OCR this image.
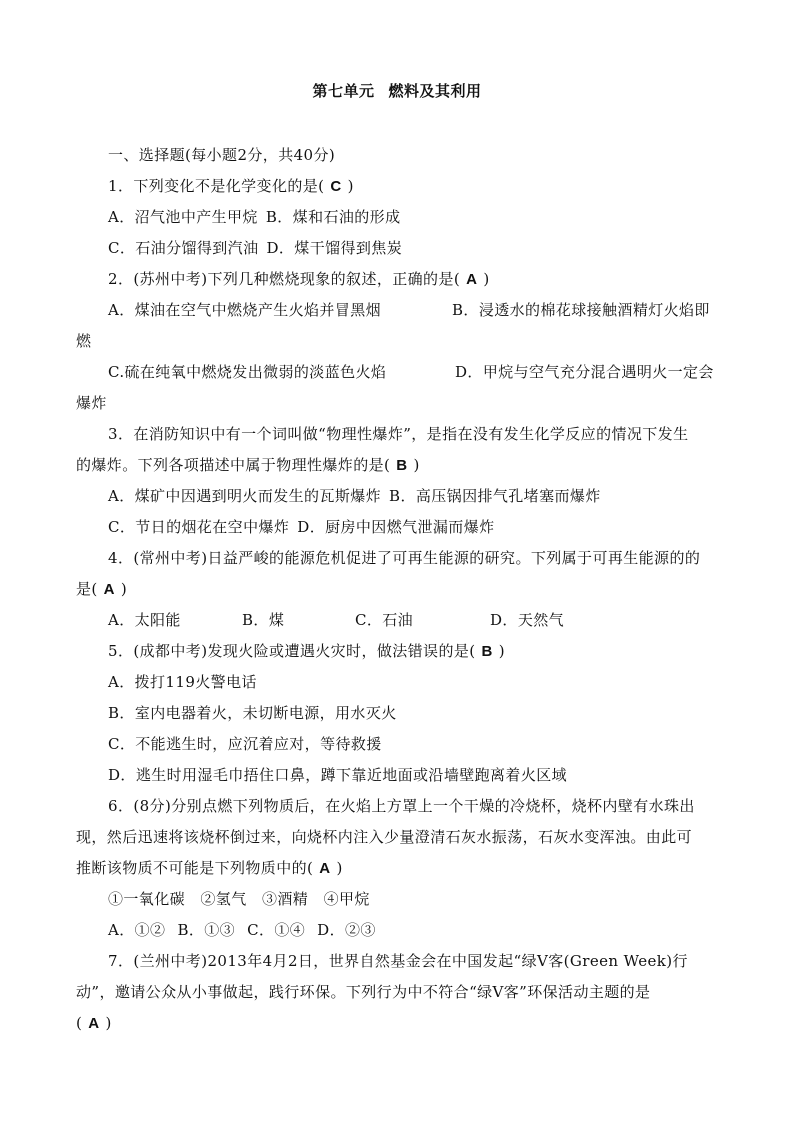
第七单元 燃料及其利用
一、选择题(每小题2分，共40分)
1．下列变化不是化学变化的是( C )
A．沼气池中产生甲烷 B．煤和石油的形成
C．石油分馏得到汽油 D．煤干馏得到焦炭
2．(苏州中考)下列几种燃烧现象的叙述，正确的是( A )
A．煤油在空气中燃烧产生火焰并冒黑烟	B．浸透水的棉花球接触酒精灯火焰即
燃
C.硫在纯氧中燃烧发出微弱的淡蓝色火焰	D．甲烷与空气充分混合遇明火一定会
爆炸
3．在消防知识中有一个词叫做“物理性爆炸”，是指在没有发生化学反应的情况下发生
的爆炸。下列各项描述中属于物理性爆炸的是( B )
A．煤矿中因遇到明火而发生的瓦斯爆炸 B．高压锅因排气孔堵塞而爆炸
C．节日的烟花在空中爆炸 D．厨房中因燃气泄漏而爆炸
4．(常州中考)日益严峻的能源危机促进了可再生能源的研究。下列属于可再生能源的的
是( A )
A．太阳能	B．煤	C．石油	D．天然气
5．(成都中考)发现火险或遭遇火灾时，做法错误的是( B )
A．拨打119火警电话
B．室内电器着火，未切断电源，用水灭火
C．不能逃生时，应沉着应对，等待救援
D．逃生时用湿毛巾捂住口鼻，蹲下靠近地面或沿墙壁跑离着火区域
6．(8分)分别点燃下列物质后，在火焰上方罩上一个干燥的冷烧杯，烧杯内壁有水珠出
现，然后迅速将该烧杯倒过来，向烧杯内注入少量澄清石灰水振荡，石灰水变浑浊。由此可
推断该物质不可能是下列物质中的( A )
①一氧化碳　②氢气　③酒精　④甲烷
A．①② B．①③ C．①④ D．②③
7．(兰州中考)2013年4月2日，世界自然基金会在中国发起“绿Ⅴ客(Green Week)行
动”，邀请公众从小事做起，践行环保。下列行为中不符合“绿Ⅴ客”环保活动主题的是
( A )
